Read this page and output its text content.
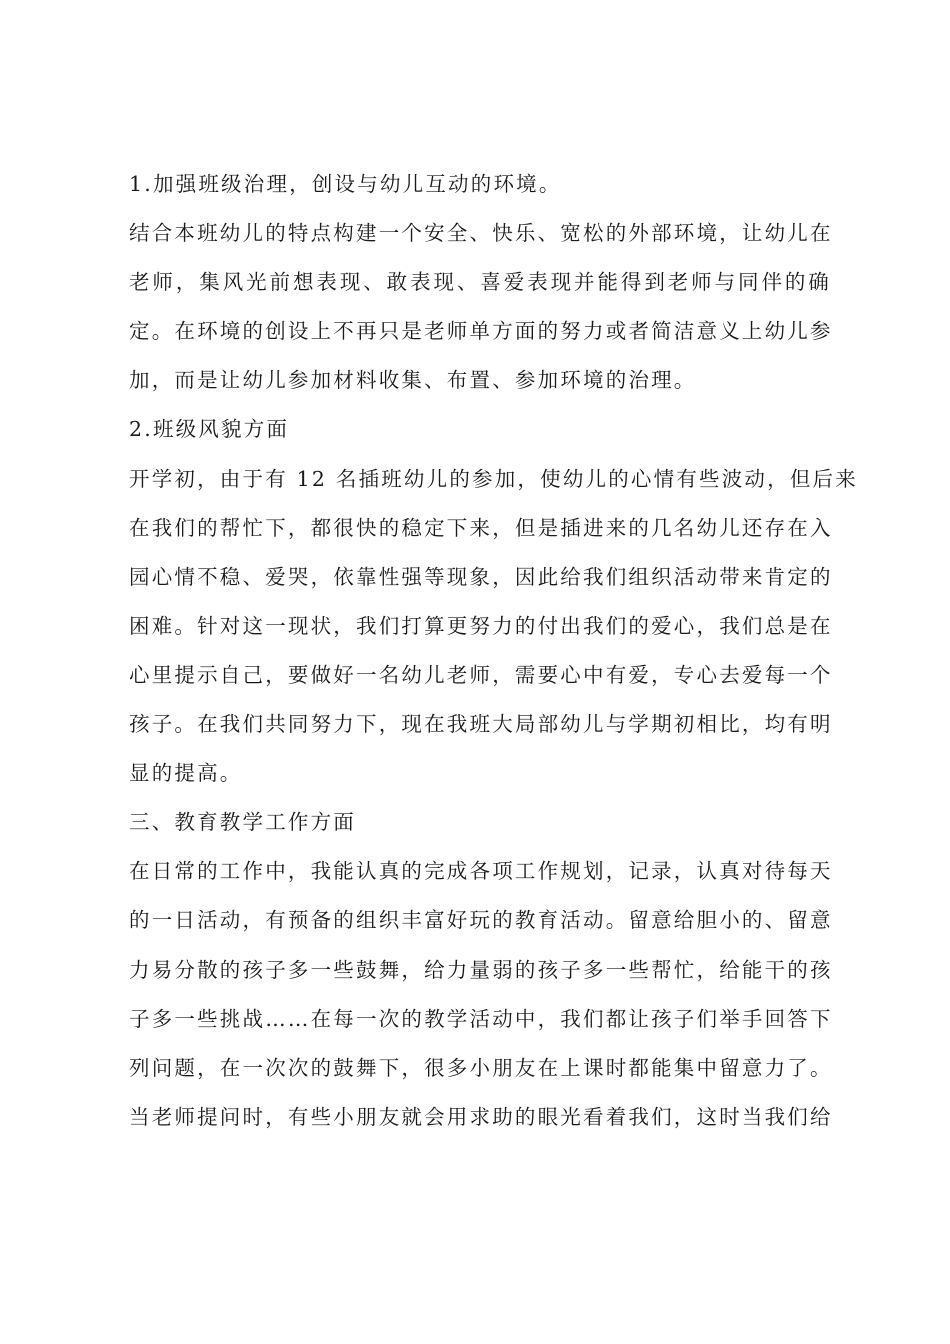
1.加强班级治理，创设与幼儿互动的环境。
结合本班幼儿的特点构建一个安全、快乐、宽松的外部环境，让幼儿在
老师，集风光前想表现、敢表现、喜爱表现并能得到老师与同伴的确
定。在环境的创设上不再只是老师单方面的努力或者简洁意义上幼儿参
加，而是让幼儿参加材料收集、布置、参加环境的治理。
2.班级风貌方面
开学初，由于有 12 名插班幼儿的参加，使幼儿的心情有些波动，但后来
在我们的帮忙下，都很快的稳定下来，但是插进来的几名幼儿还存在入
园心情不稳、爱哭，依靠性强等现象，因此给我们组织活动带来肯定的
困难。针对这一现状，我们打算更努力的付出我们的爱心，我们总是在
心里提示自己，要做好一名幼儿老师，需要心中有爱，专心去爱每一个
孩子。在我们共同努力下，现在我班大局部幼儿与学期初相比，均有明
显的提高。
三、教育教学工作方面
在日常的工作中，我能认真的完成各项工作规划，记录，认真对待每天
的一日活动，有预备的组织丰富好玩的教育活动。留意给胆小的、留意
力易分散的孩子多一些鼓舞，给力量弱的孩子多一些帮忙，给能干的孩
子多一些挑战……在每一次的教学活动中，我们都让孩子们举手回答下
列问题，在一次次的鼓舞下，很多小朋友在上课时都能集中留意力了。
当老师提问时，有些小朋友就会用求助的眼光看着我们，这时当我们给
